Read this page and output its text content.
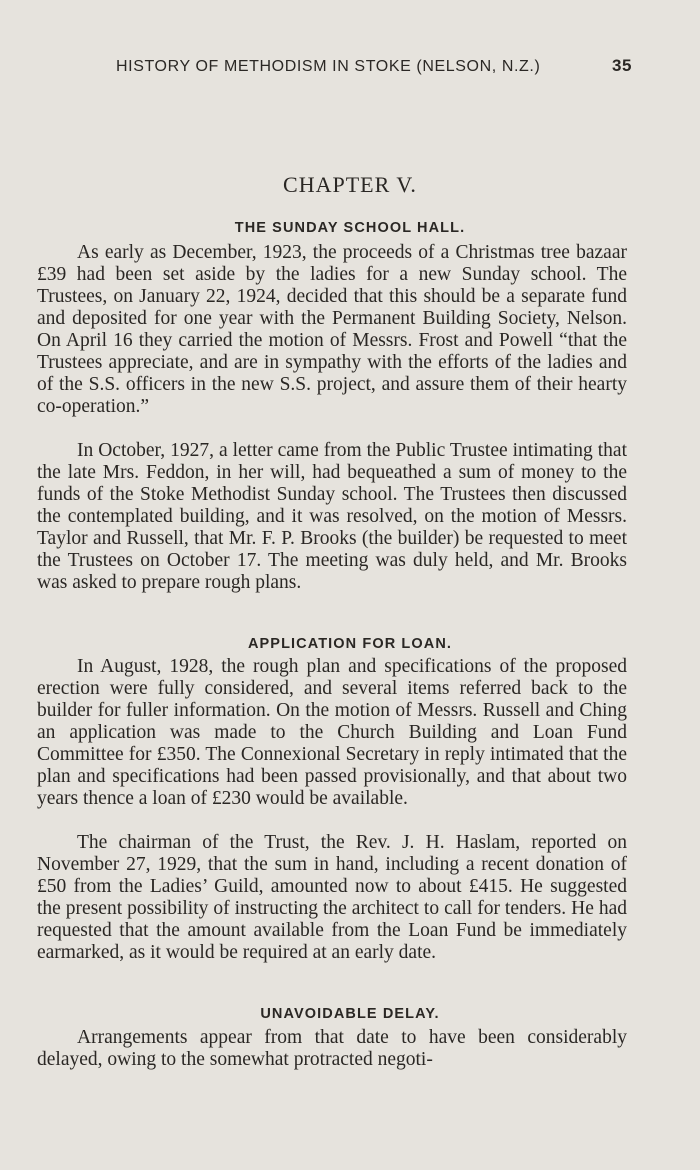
HISTORY OF METHODISM IN STOKE (NELSON, N.Z.)	35
CHAPTER V.
THE SUNDAY SCHOOL HALL.

As early as December, 1923, the proceeds of a Christmas tree bazaar £39 had been set aside by the ladies for a new Sunday school. The Trustees, on January 22, 1924, decided that this should be a separate fund and deposited for one year with the Permanent Building Society, Nelson. On April 16 they carried the motion of Messrs. Frost and Powell “that the Trustees appreciate, and are in sympathy with the efforts of the ladies and of the S.S. officers in the new S.S. project, and assure them of their hearty co-operation.”

In October, 1927, a letter came from the Public Trustee intimating that the late Mrs. Feddon, in her will, had bequeathed a sum of money to the funds of the Stoke Methodist Sunday school. The Trustees then discussed the contemplated building, and it was resolved, on the motion of Messrs. Taylor and Russell, that Mr. F. P. Brooks (the builder) be requested to meet the Trustees on October 17. The meeting was duly held, and Mr. Brooks was asked to prepare rough plans.

APPLICATION FOR LOAN.

In August, 1928, the rough plan and specifications of the proposed erection were fully considered, and several items referred back to the builder for fuller information. On the motion of Messrs. Russell and Ching an application was made to the Church Building and Loan Fund Committee for £350. The Connexional Secretary in reply intimated that the plan and specifications had been passed provisionally, and that about two years thence a loan of £230 would be available.

The chairman of the Trust, the Rev. J. H. Haslam, reported on November 27, 1929, that the sum in hand, including a recent donation of £50 from the Ladies’ Guild, amounted now to about £415. He suggested the present possibility of instructing the architect to call for tenders. He had requested that the amount available from the Loan Fund be immediately earmarked, as it would be required at an early date.

UNAVOIDABLE DELAY.

Arrangements appear from that date to have been considerably delayed, owing to the somewhat protracted negoti-
